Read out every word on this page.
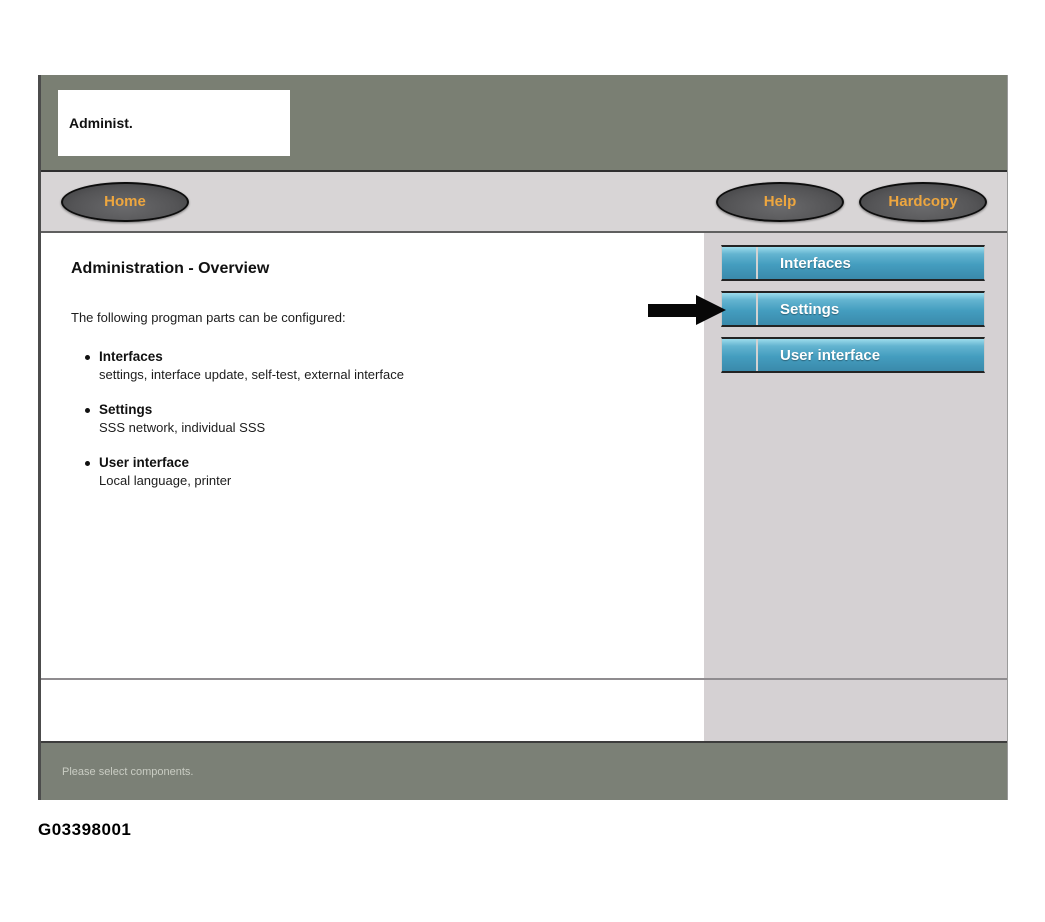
Administ.
Home	Help	Hardcopy
Administration - Overview
The following progman parts can be configured:
Interfaces
settings, interface update, self-test, external interface
Settings
SSS network, individual SSS
User interface
Local language, printer
Interfaces
Settings
User interface
Please select components.
G03398001
